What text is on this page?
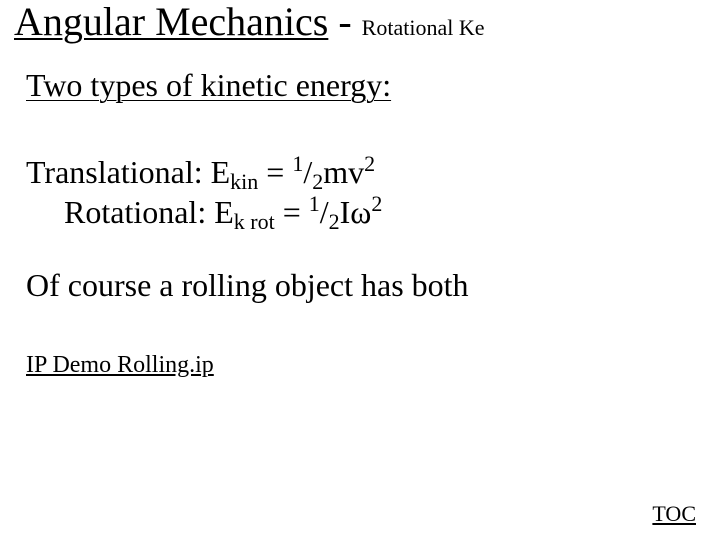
Angular Mechanics - Rotational Ke
Two types of kinetic energy:
Translational: $E_{kin} = ^1/_2mv^2$
Rotational: $E_{k rot} = ^1/_2I\omega^2$
Of course a rolling object has both
IP Demo Rolling.ip
TOC
